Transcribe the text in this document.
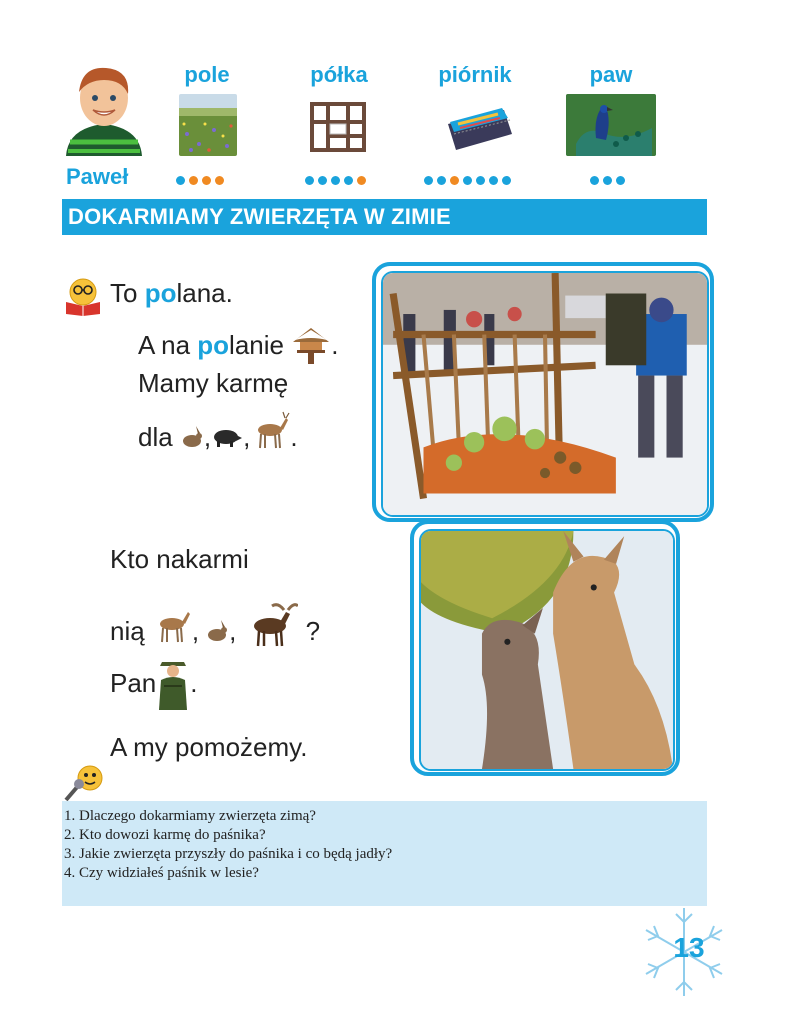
Paweł
pole	półka	piórnik	paw
DOKARMIAMY ZWIERZĘTA W ZIMIE
To polana.
A na polanie .
Mamy karmę
dla , , .
Kto nakarmi
nią , , ?
Pan .
A my pomożemy.
1. Dlaczego dokarmiamy zwierzęta zimą?
2. Kto dowozi karmę do paśnika?
3. Jakie zwierzęta przyszły do paśnika i co będą jadły?
4. Czy widziałeś paśnik w lesie?
13
